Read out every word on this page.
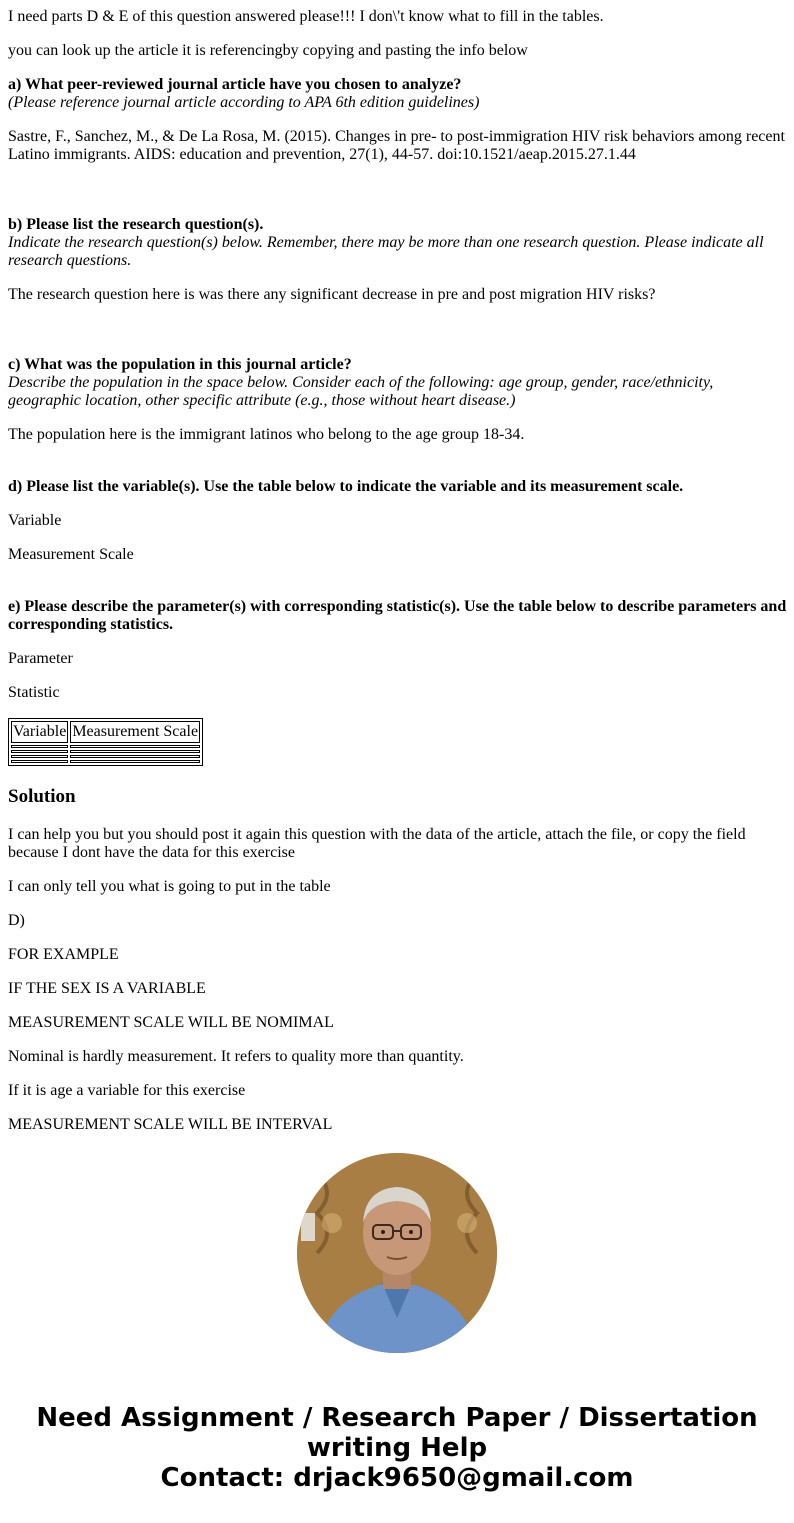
I need parts D & E of this question answered please!!! I don\'t know what to fill in the tables.

you can look up the article it is referencingby copying and pasting the info below

a) What peer-reviewed journal article have you chosen to analyze?
(Please reference journal article according to APA 6th edition guidelines)

Sastre, F., Sanchez, M., & De La Rosa, M. (2015). Changes in pre- to post-immigration HIV risk behaviors among recent Latino immigrants. AIDS: education and prevention, 27(1), 44-57. doi:10.1521/aeap.2015.27.1.44

b) Please list the research question(s).
Indicate the research question(s) below. Remember, there may be more than one research question. Please indicate all research questions.

The research question here is was there any significant decrease in pre and post migration HIV risks?

c) What was the population in this journal article?
Describe the population in the space below. Consider each of the following: age group, gender, race/ethnicity, geographic location, other specific attribute (e.g., those without heart disease.)

The population here is the immigrant latinos who belong to the age group 18-34.

d) Please list the variable(s). Use the table below to indicate the variable and its measurement scale.

Variable

Measurement Scale

e) Please describe the parameter(s) with corresponding statistic(s). Use the table below to describe parameters and corresponding statistics.

Parameter

Statistic

Variable	Measurement Scale

Solution

I can help you but you should post it again this question with the data of the article, attach the file, or copy the field because I dont have the data for this exercise

I can only tell you what is going to put in the table

D)

FOR EXAMPLE

IF THE SEX IS A VARIABLE

MEASUREMENT SCALE WILL BE NOMIMAL

Nominal is hardly measurement. It refers to quality more than quantity.

If it is age a variable for this exercise

MEASUREMENT SCALE WILL BE INTERVAL

Need Assignment / Research Paper / Dissertation writing Help
Contact: drjack9650@gmail.com
